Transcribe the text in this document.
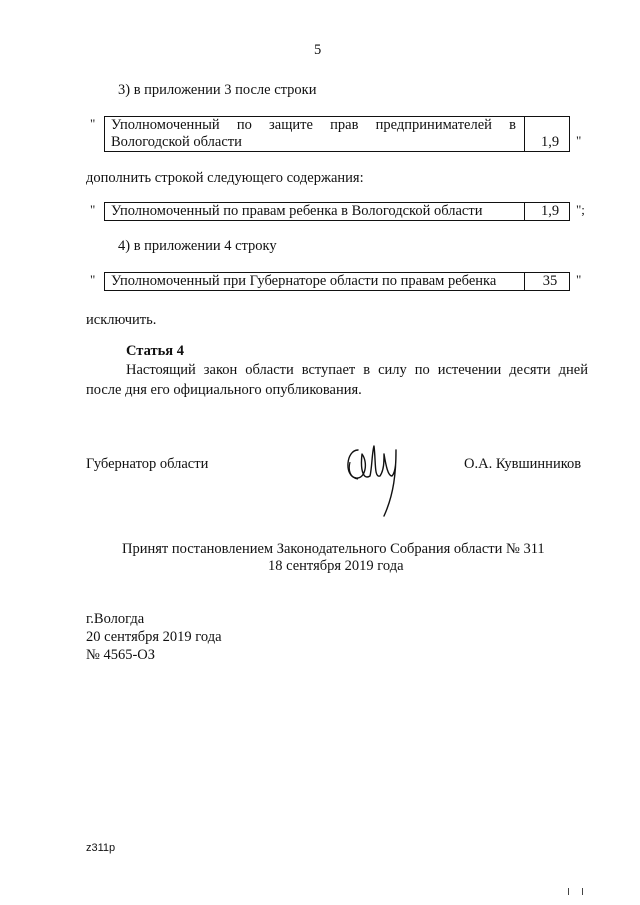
5
3) в приложении 3 после строки
" Уполномоченный по защите прав предпринимателей в
Вологодской области	1,9	"
дополнить строкой следующего содержания:
" Уполномоченный по правам ребенка в Вологодской области	1,9	";
4) в приложении 4 строку
" Уполномоченный при Губернаторе области по правам ребенка	35	"
исключить.
Статья 4
Настоящий закон области вступает в силу по истечении десяти дней
после дня его официального опубликования.
Губернатор области	О.А. Кувшинников
Принят постановлением Законодательного Собрания области № 311
18 сентября 2019 года
г.Вологда
20 сентября 2019 года
№ 4565-ОЗ
z311p
